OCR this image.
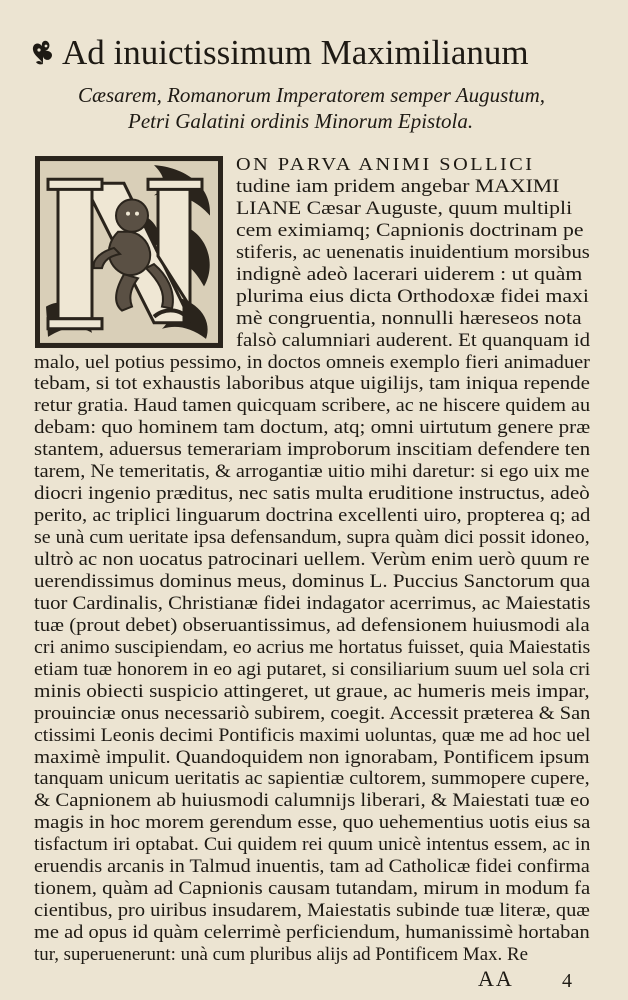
Ad inuictissimum Maximilianum
Cæsarem, Romanorum Imperatorem semper Augustum,
Petri Galatini ordinis Minorum Epistola.
ON PARVA ANIMI SOLLICI
tudine iam pridem angebar MAXIMI
LIANE Cæsar Auguste, quum multipli
cem eximiamq; Capnionis doctrinam pe
stiferis, ac uenenatis inuidentium morsibus
indignè adeò lacerari uiderem : ut quàm
plurima eius dicta Orthodoxæ fidei maxi
mè congruentia, nonnulli hæreseos nota
falsò calumniari auderent. Et quanquam id
malo, uel potius pessimo, in doctos omneis exemplo fieri animaduer
tebam, si tot exhaustis laboribus atque uigilijs, tam iniqua repende
retur gratia. Haud tamen quicquam scribere, ac ne hiscere quidem au
debam: quo hominem tam doctum, atq; omni uirtutum genere præ
stantem, aduersus temerariam improborum inscitiam defendere ten
tarem, Ne temeritatis, & arrogantiæ uitio mihi daretur: si ego uix me
diocri ingenio præditus, nec satis multa eruditione instructus, adeò
perito, ac triplici linguarum doctrina excellenti uiro, propterea q; ad
se unà cum ueritate ipsa defensandum, supra quàm dici possit idoneo,
ultrò ac non uocatus patrocinari uellem. Verùm enim uerò quum re
uerendissimus dominus meus, dominus L. Puccius Sanctorum qua
tuor Cardinalis, Christianæ fidei indagator acerrimus, ac Maiestatis
tuæ (prout debet) obseruantissimus, ad defensionem huiusmodi ala
cri animo suscipiendam, eo acrius me hortatus fuisset, quia Maiestatis
etiam tuæ honorem in eo agi putaret, si consiliarium suum uel sola cri
minis obiecti suspicio attingeret, ut graue, ac humeris meis impar,
prouinciæ onus necessariò subirem, coegit. Accessit præterea & San
ctissimi Leonis decimi Pontificis maximi uoluntas, quæ me ad hoc uel
maximè impulit. Quandoquidem non ignorabam, Pontificem ipsum
tanquam unicum ueritatis ac sapientiæ cultorem, summopere cupere,
& Capnionem ab huiusmodi calumnijs liberari, & Maiestati tuæ eo
magis in hoc morem gerendum esse, quo uehementius uotis eius sa
tisfactum iri optabat. Cui quidem rei quum unicè intentus essem, ac in
eruendis arcanis in Talmud inuentis, tam ad Catholicæ fidei confirma
tionem, quàm ad Capnionis causam tutandam, mirum in modum fa
cientibus, pro uiribus insudarem, Maiestatis subinde tuæ literæ, quæ
me ad opus id quàm celerrimè perficiendum, humanissimè hortaban
tur, superuenerunt: unà cum pluribus alijs ad Pontificem Max. Re
AA 4
